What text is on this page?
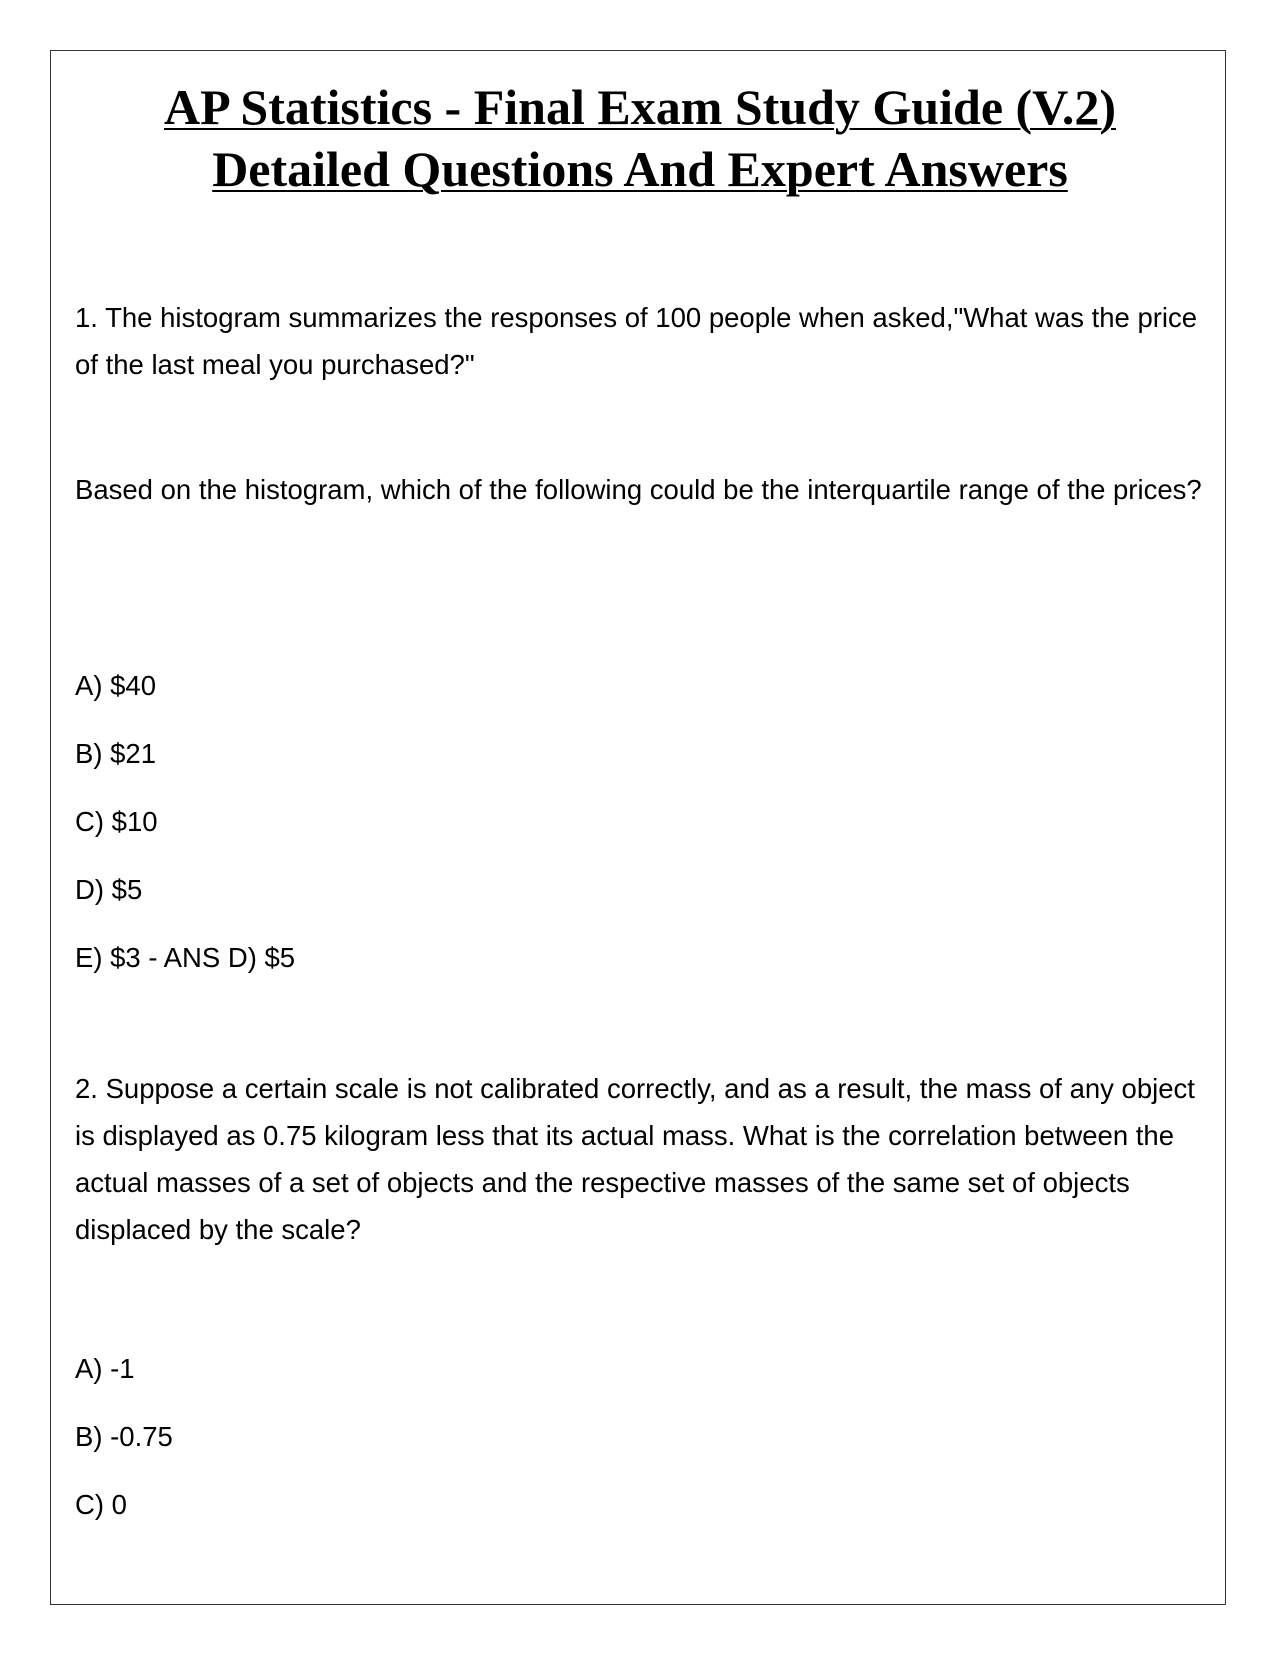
AP Statistics - Final Exam Study Guide (V.2)
Detailed Questions And Expert Answers

1. The histogram summarizes the responses of 100 people when asked,"What was the price of the last meal you purchased?"

Based on the histogram, which of the following could be the interquartile range of the prices?

A) $40

B) $21

C) $10

D) $5

E) $3 - ANS D) $5

2. Suppose a certain scale is not calibrated correctly, and as a result, the mass of any object is displayed as 0.75 kilogram less that its actual mass. What is the correlation between the actual masses of a set of objects and the respective masses of the same set of objects displaced by the scale?

A) -1

B) -0.75

C) 0
